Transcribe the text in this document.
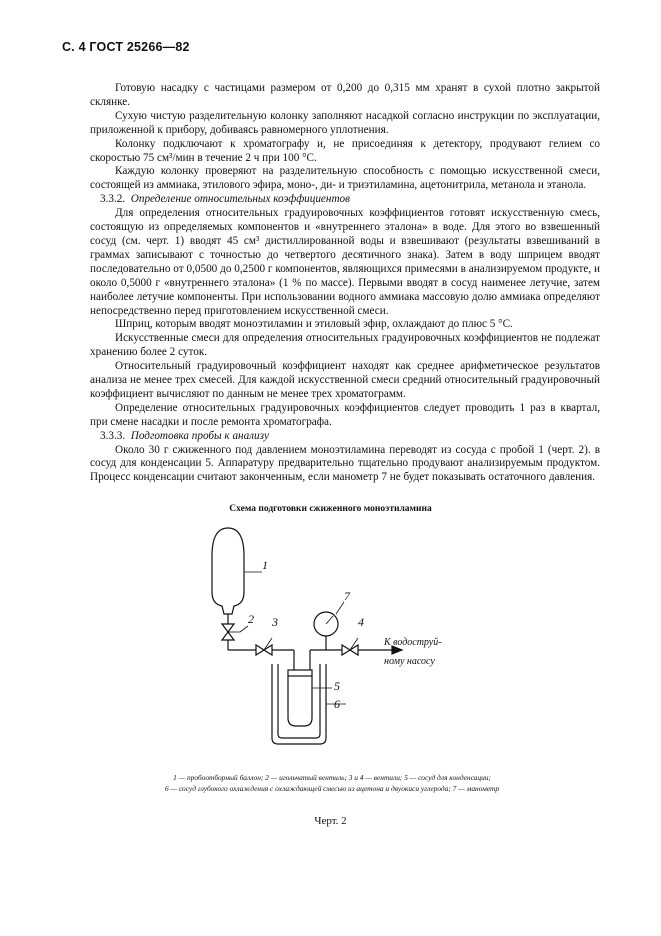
С. 4 ГОСТ 25266—82

Готовую насадку с частицами размером от 0,200 до 0,315 мм хранят в сухой плотно закрытой склянке.

Сухую чистую разделительную колонку заполняют насадкой согласно инструкции по эксплуатации, приложенной к прибору, добиваясь равномерного уплотнения.

Колонку подключают к хроматографу и, не присоединяя к детектору, продувают гелием со скоростью 75 см³/мин в течение 2 ч при 100 °С.

Каждую колонку проверяют на разделительную способность с помощью искусственной смеси, состоящей из аммиака, этилового эфира, моно-, ди- и триэтиламина, ацетонитрила, метанола и этанола.

3.3.2. Определение относительных коэффициентов

Для определения относительных градуировочных коэффициентов готовят искусственную смесь, состоящую из определяемых компонентов и «внутреннего эталона» в воде. Для этого во взвешенный сосуд (см. черт. 1) вводят 45 см³ дистиллированной воды и взвешивают (результаты взвешиваний в граммах записывают с точностью до четвертого десятичного знака). Затем в воду шприцем вводят последовательно от 0,0500 до 0,2500 г компонентов, являющихся примесями в анализируемом продукте, и около 0,5000 г «внутреннего эталона» (1 % по массе). Первыми вводят в сосуд наименее летучие, затем наиболее летучие компоненты. При использовании водного аммиака массовую долю аммиака определяют непосредственно перед приготовлением искусственной смеси.

Шприц, которым вводят моноэтиламин и этиловый эфир, охлаждают до плюс 5 °С.

Искусственные смеси для определения относительных градуировочных коэффициентов не подлежат хранению более 2 суток.

Относительный градуировочный коэффициент находят как среднее арифметическое результатов анализа не менее трех смесей. Для каждой искусственной смеси средний относительный градуировочный коэффициент вычисляют по данным не менее трех хроматограмм.

Определение относительных градуировочных коэффициентов следует проводить 1 раз в квартал, при смене насадки и после ремонта хроматографа.

3.3.3. Подготовка пробы к анализу

Около 30 г сжиженного под давлением моноэтиламина переводят из сосуда с пробой 1 (черт. 2). в сосуд для конденсации 5. Аппаратуру предварительно тщательно продувают анализируемым продуктом. Процесс конденсации считают законченным, если манометр 7 не будет показывать остаточного давления.

Схема подготовки сжиженного моноэтиламина
1
2 3	4
5
6
7
К водоструй-
ному насосу
1 — пробоотборный баллон; 2 — игольчатый вентиль; 3 и 4 — вентили; 5 — сосуд для конденсации;
6 — сосуд глубокого охлаждения с охлаждающей смесью из ацетона и двуокиси углерода; 7 — манометр
Черт. 2
